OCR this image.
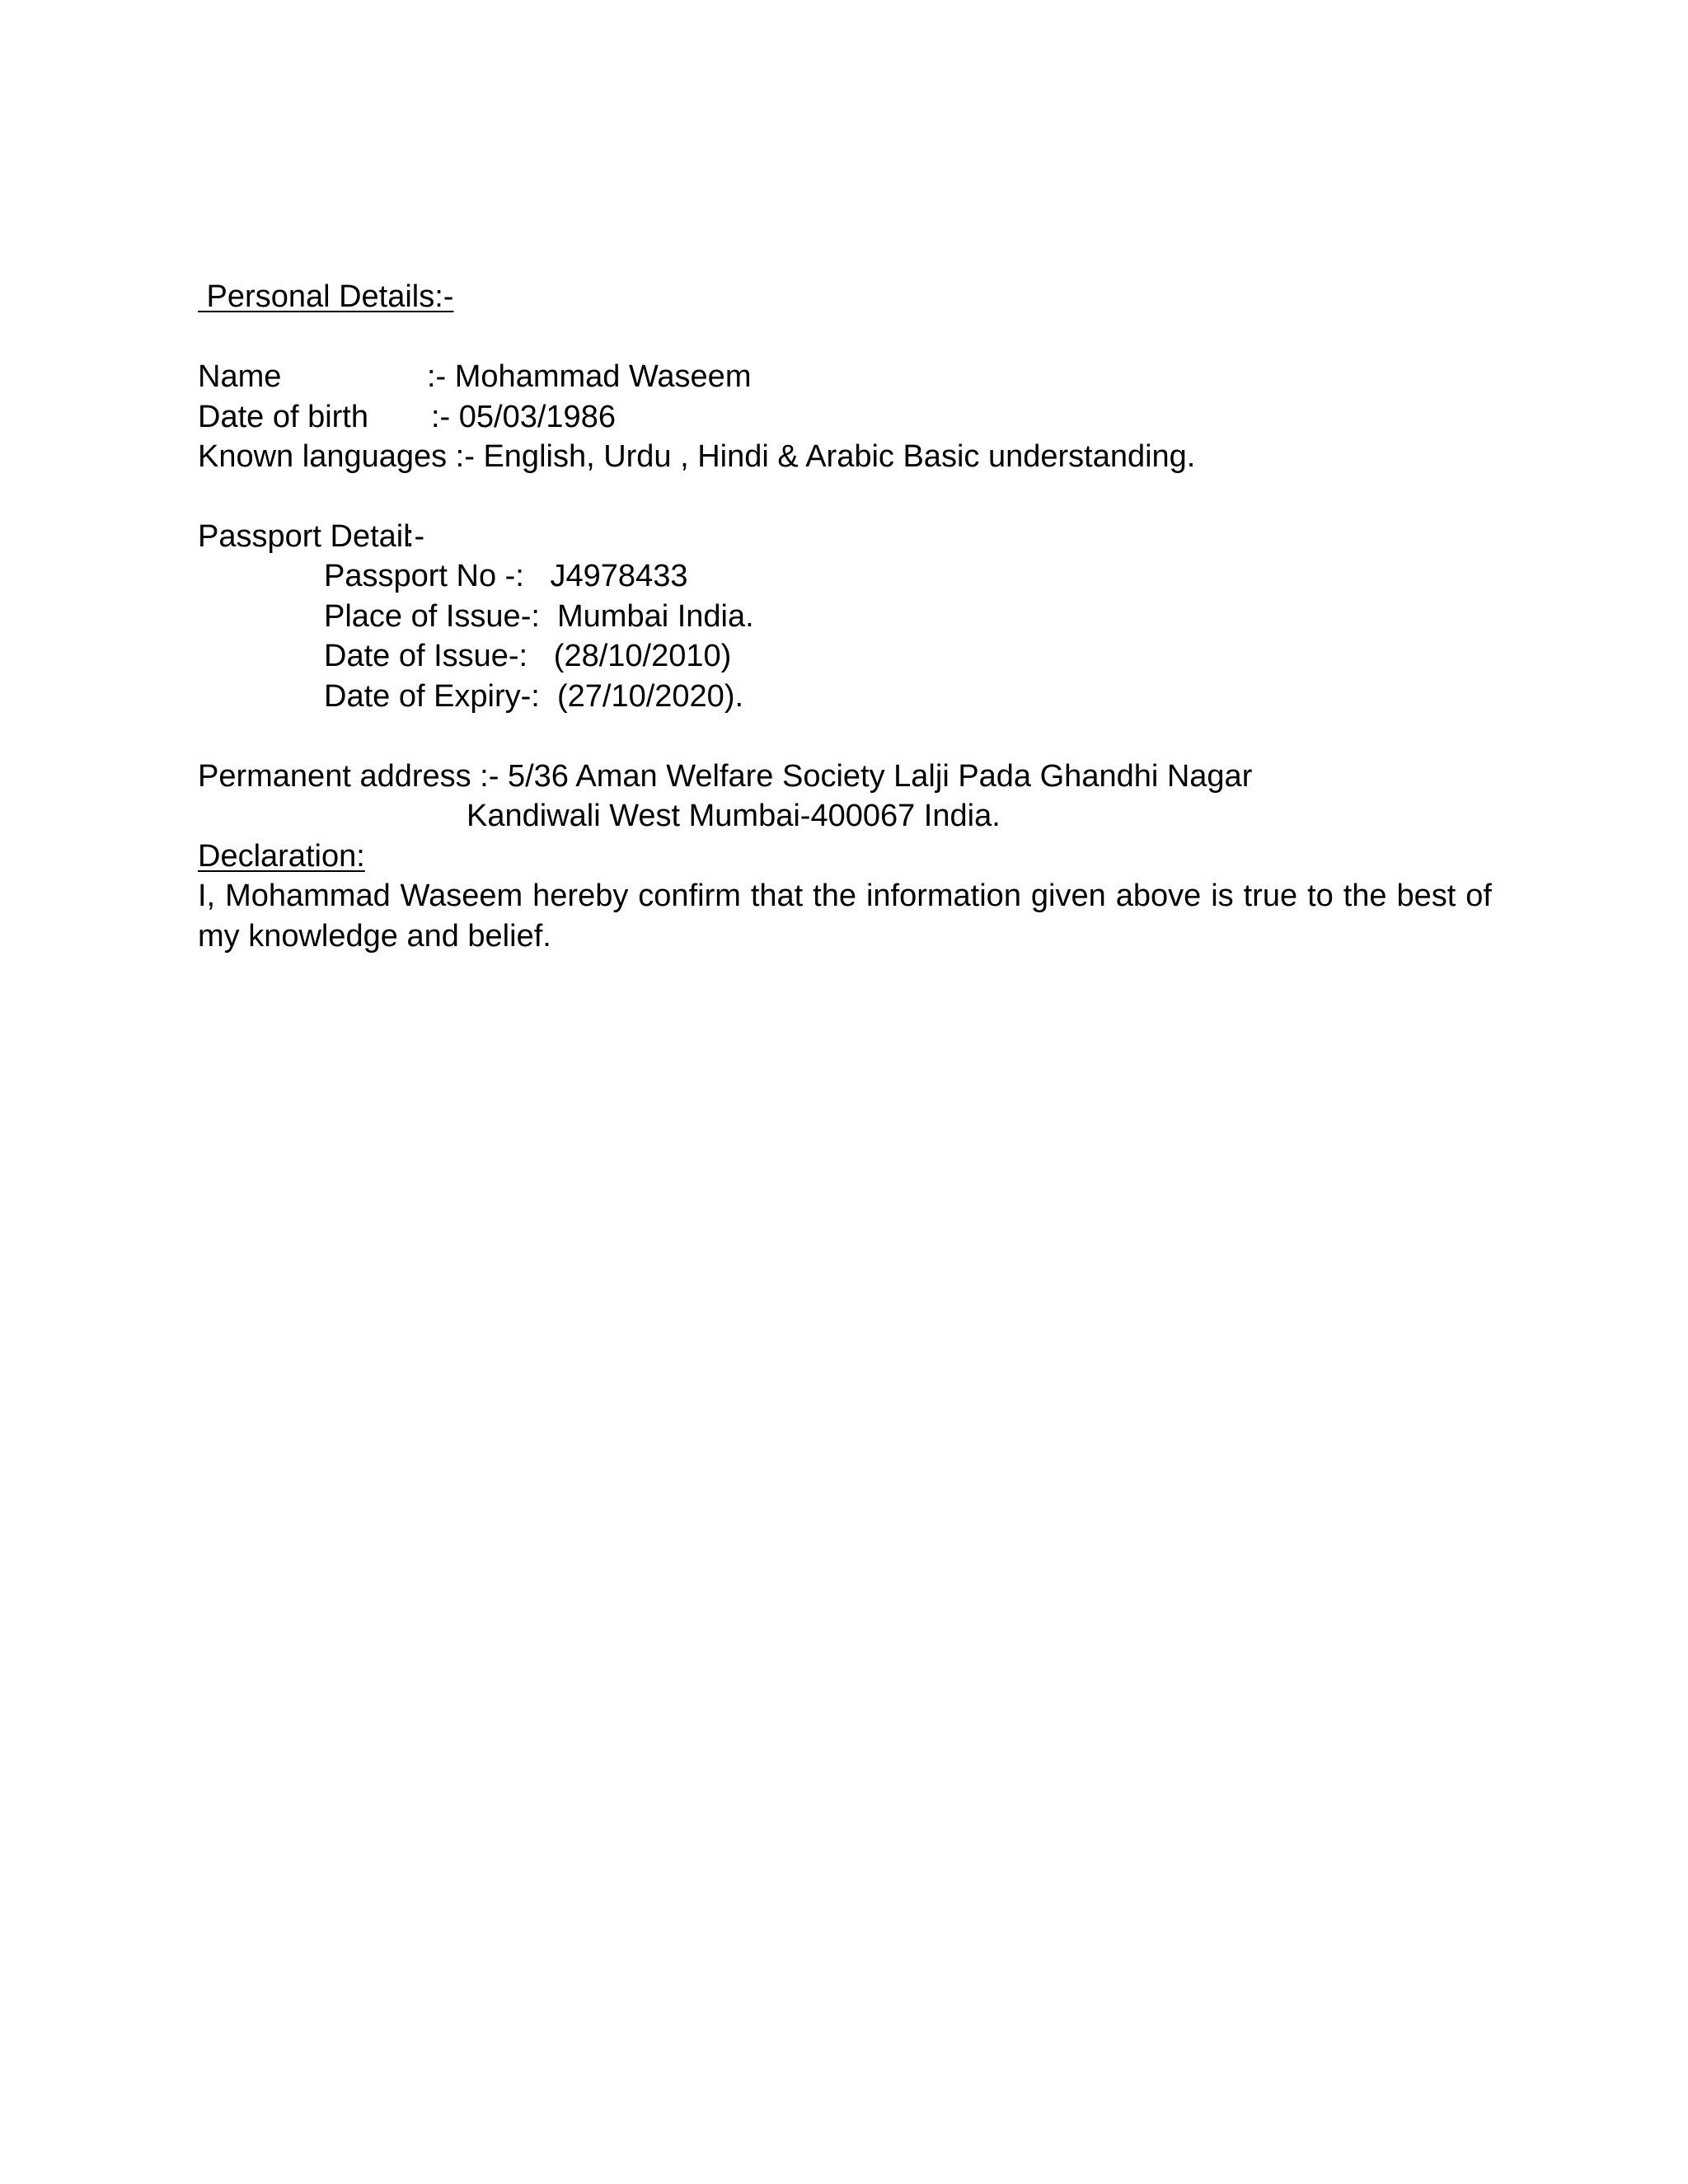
Personal Details:-
Name	:- Mohammad Waseem
Date of birth :- 05/03/1986
Known languages :- English, Urdu , Hindi & Arabic Basic understanding.
Passport Detail:-
Passport No -:   J4978433
Place of Issue-:  Mumbai India.
Date of Issue-:   (28/10/2010)
Date of Expiry-:  (27/10/2020).
Permanent address :- 5/36 Aman Welfare Society Lalji Pada Ghandhi Nagar
Kandiwali West Mumbai-400067 India.
Declaration:
I, Mohammad Waseem hereby confirm that the information given above is true to the best of my knowledge and belief.
